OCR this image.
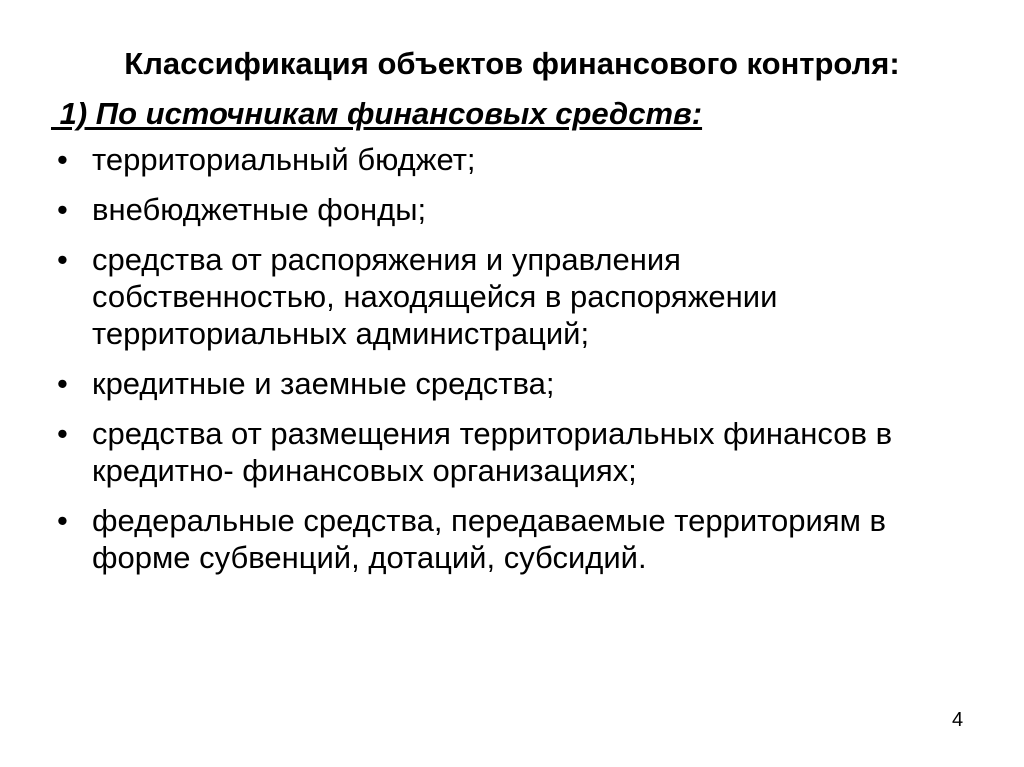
Классификация объектов финансового контроля:
1) По источникам финансовых средств:
• территориальный бюджет;
• внебюджетные фонды;
• средства от распоряжения и управления
собственностью, находящейся в распоряжении
территориальных администраций;
• кредитные и заемные средства;
• средства от размещения территориальных финансов в
кредитно- финансовых организациях;
• федеральные средства, передаваемые территориям в
форме субвенций, дотаций, субсидий.
4
